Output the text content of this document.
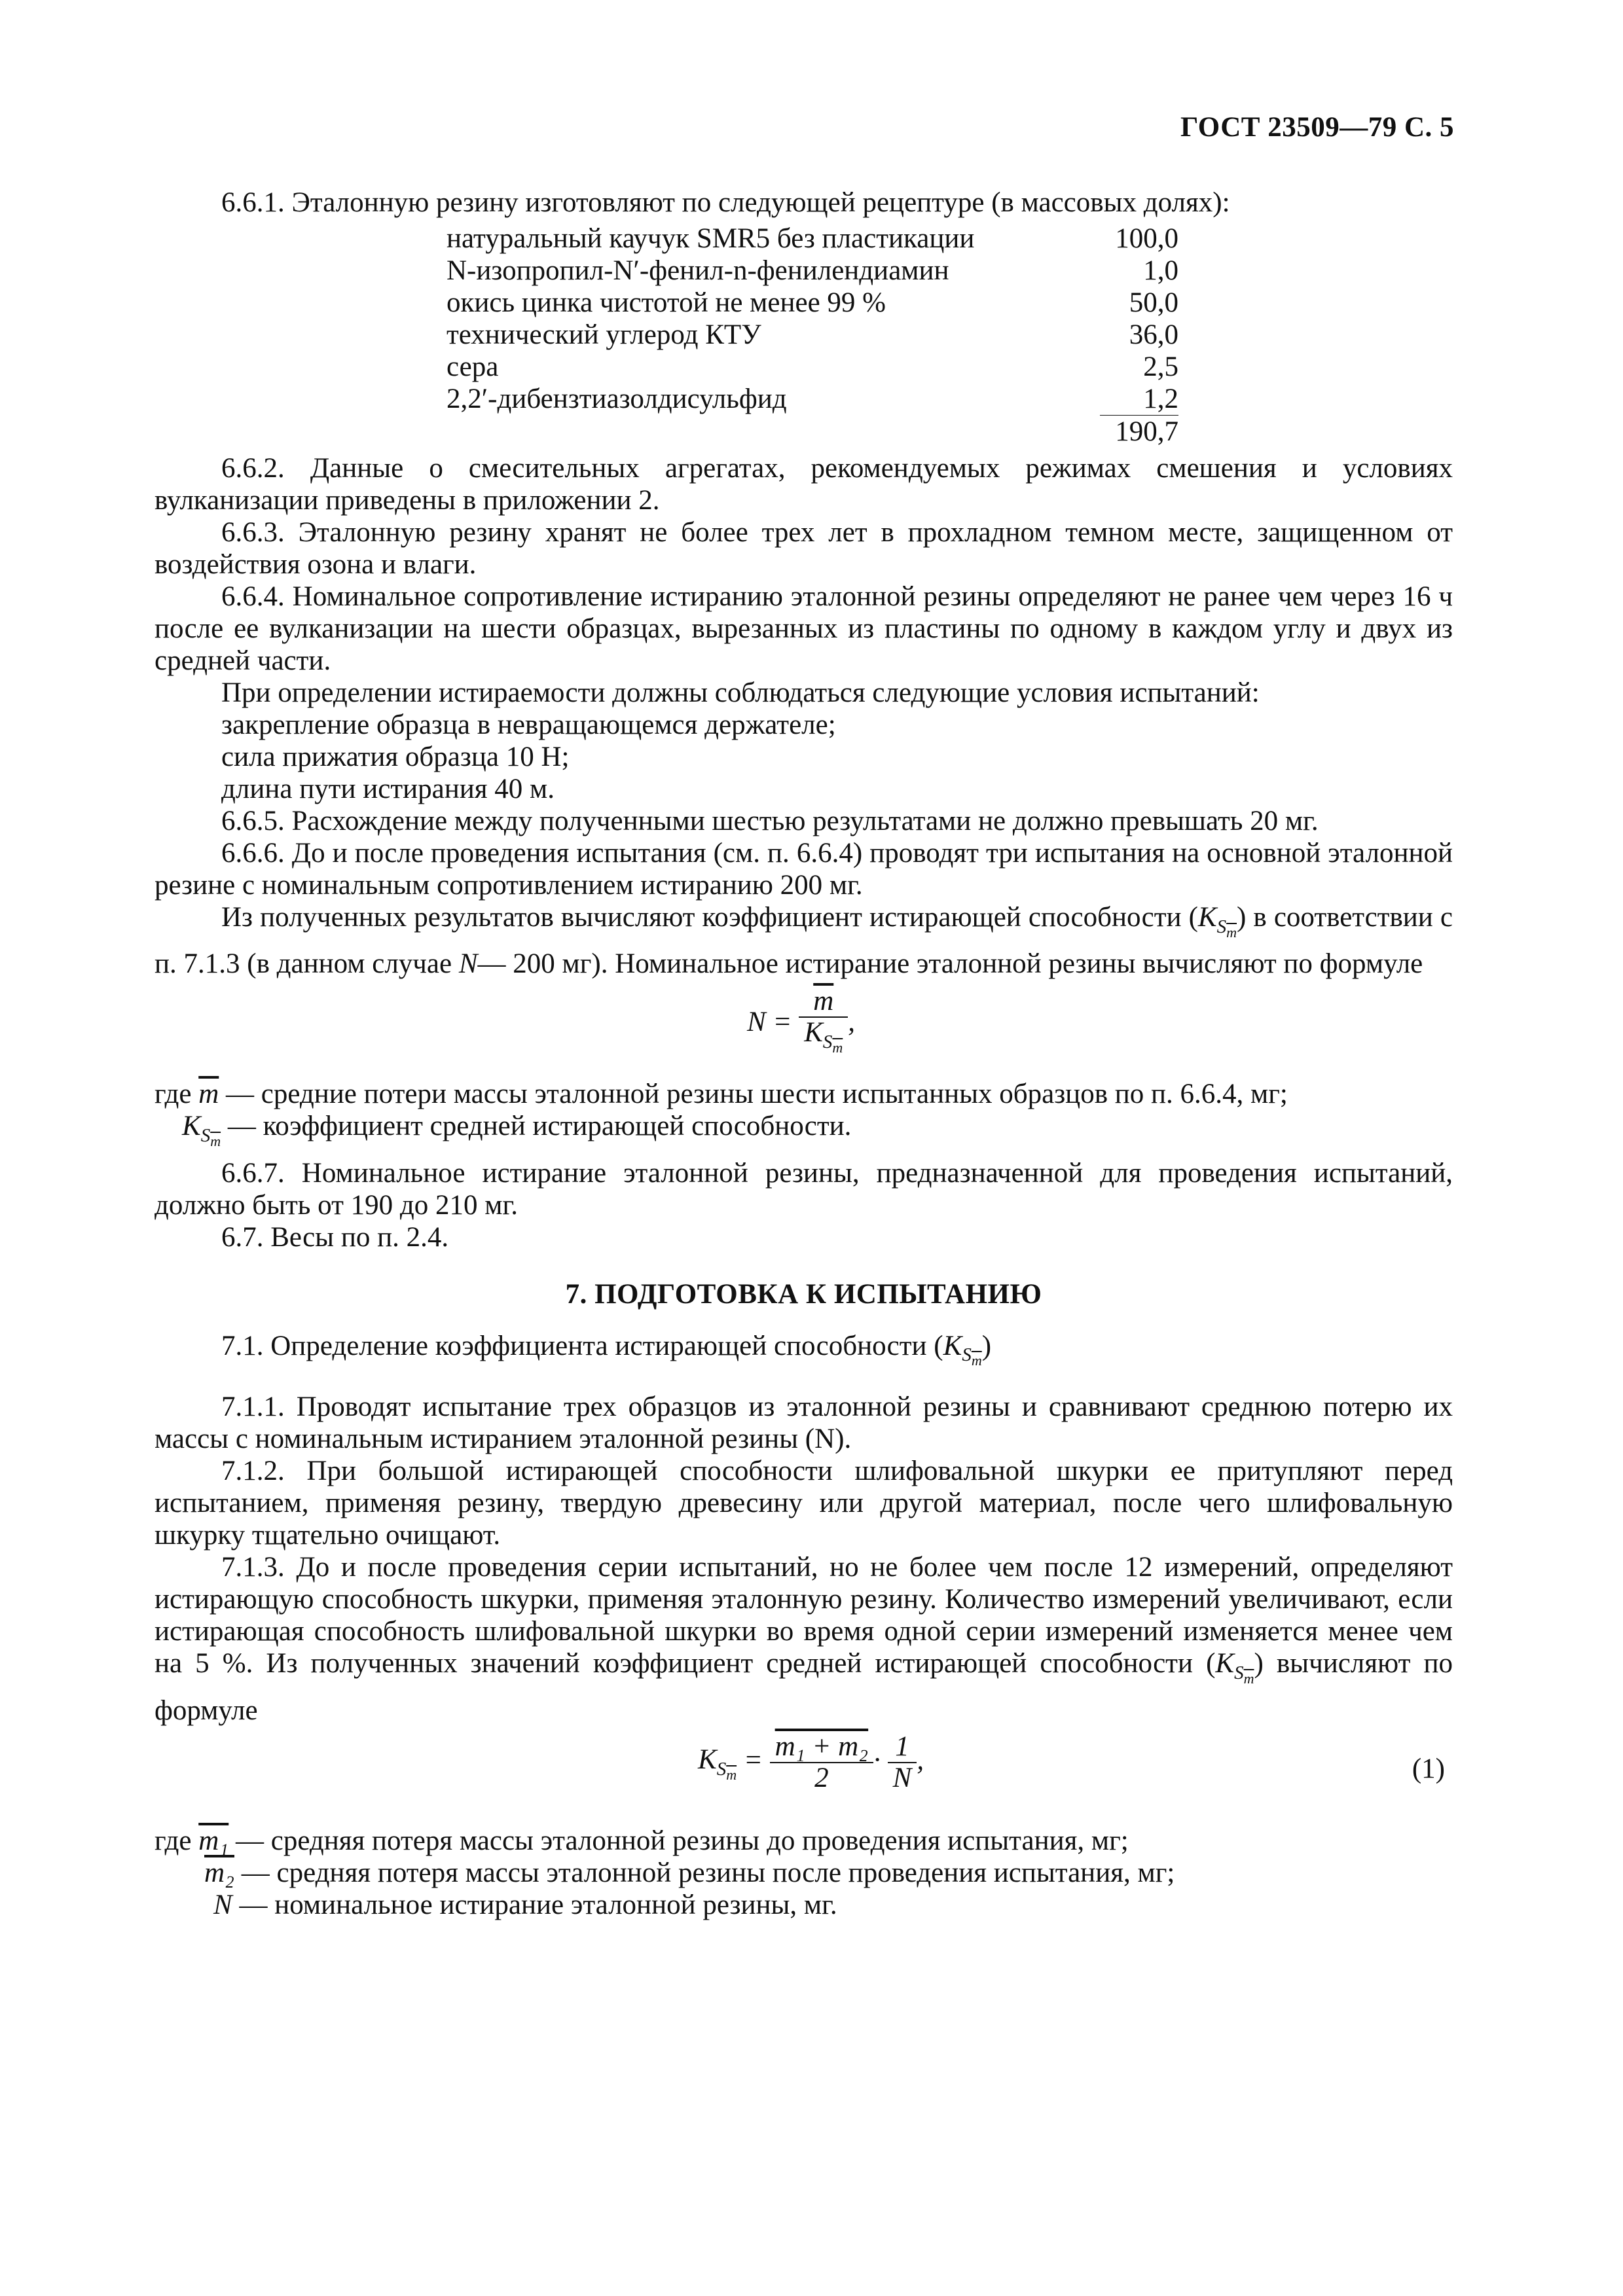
ГОСТ 23509—79 С. 5

6.6.1. Эталонную резину изготовляют по следующей рецептуре (в массовых долях):

натуральный каучук SMR5 без пластикации	100,0
N-изопропил-N′-фенил-n-фенилендиамин	1,0
окись цинка чистотой не менее 99 %	50,0
технический углерод КТУ	36,0
сера	2,5
2,2′-дибензтиазолдисульфид	1,2
	190,7

6.6.2. Данные о смесительных агрегатах, рекомендуемых режимах смешения и условиях вулканизации приведены в приложении 2.

6.6.3. Эталонную резину хранят не более трех лет в прохладном темном месте, защищенном от воздействия озона и влаги.

6.6.4. Номинальное сопротивление истиранию эталонной резины определяют не ранее чем через 16 ч после ее вулканизации на шести образцах, вырезанных из пластины по одному в каждом углу и двух из средней части.

При определении истираемости должны соблюдаться следующие условия испытаний:

закрепление образца в невращающемся держателе;

сила прижатия образца 10 Н;

длина пути истирания 40 м.

6.6.5. Расхождение между полученными шестью результатами не должно превышать 20 мг.

6.6.6. До и после проведения испытания (см. п. 6.6.4) проводят три испытания на основной эталонной резине с номинальным сопротивлением истиранию 200 мг.

Из полученных результатов вычисляют коэффициент истирающей способности $(K_{S_{\overline{m}}})$ в соответствии с п. 7.1.3 (в данном случае N— 200 мг). Номинальное истирание эталонной резины вычисляют по формуле

$N = \frac{\overline{m}}{K_{S_{\overline{m}}}}$ ,

где $\overline{m}$ — средние потери массы эталонной резины шести испытанных образцов по п. 6.6.4, мг;

$K_{S_{\overline{m}}}$ — коэффициент средней истирающей способности.

6.6.7. Номинальное истирание эталонной резины, предназначенной для проведения испытаний, должно быть от 190 до 210 мг.

6.7. Весы по п. 2.4.

7. ПОДГОТОВКА К ИСПЫТАНИЮ

7.1. Определение коэффициента истирающей способности $(K_{S_{\overline{m}}})$

7.1.1. Проводят испытание трех образцов из эталонной резины и сравнивают среднюю потерю их массы с номинальным истиранием эталонной резины (N).

7.1.2. При большой истирающей способности шлифовальной шкурки ее притупляют перед испытанием, применяя резину, твердую древесину или другой материал, после чего шлифовальную шкурку тщательно очищают.

7.1.3. До и после проведения серии испытаний, но не более чем после 12 измерений, определяют истирающую способность шкурки, применяя эталонную резину. Количество измерений увеличивают, если истирающая способность шлифовальной шкурки во время одной серии измерений изменяется менее чем на 5 %. Из полученных значений коэффициент средней истирающей способности $(K_{S_{\overline{m}}})$ вычисляют по формуле

$K_{S_{\overline{m}}} = \frac{\text{m₁ + m₂}}{2} \cdot \frac{1}{N}$ ,	(1)

где m₁ — средняя потеря массы эталонной резины до проведения испытания, мг;

m₂ — средняя потеря массы эталонной резины после проведения испытания, мг;

N — номинальное истирание эталонной резины, мг.
